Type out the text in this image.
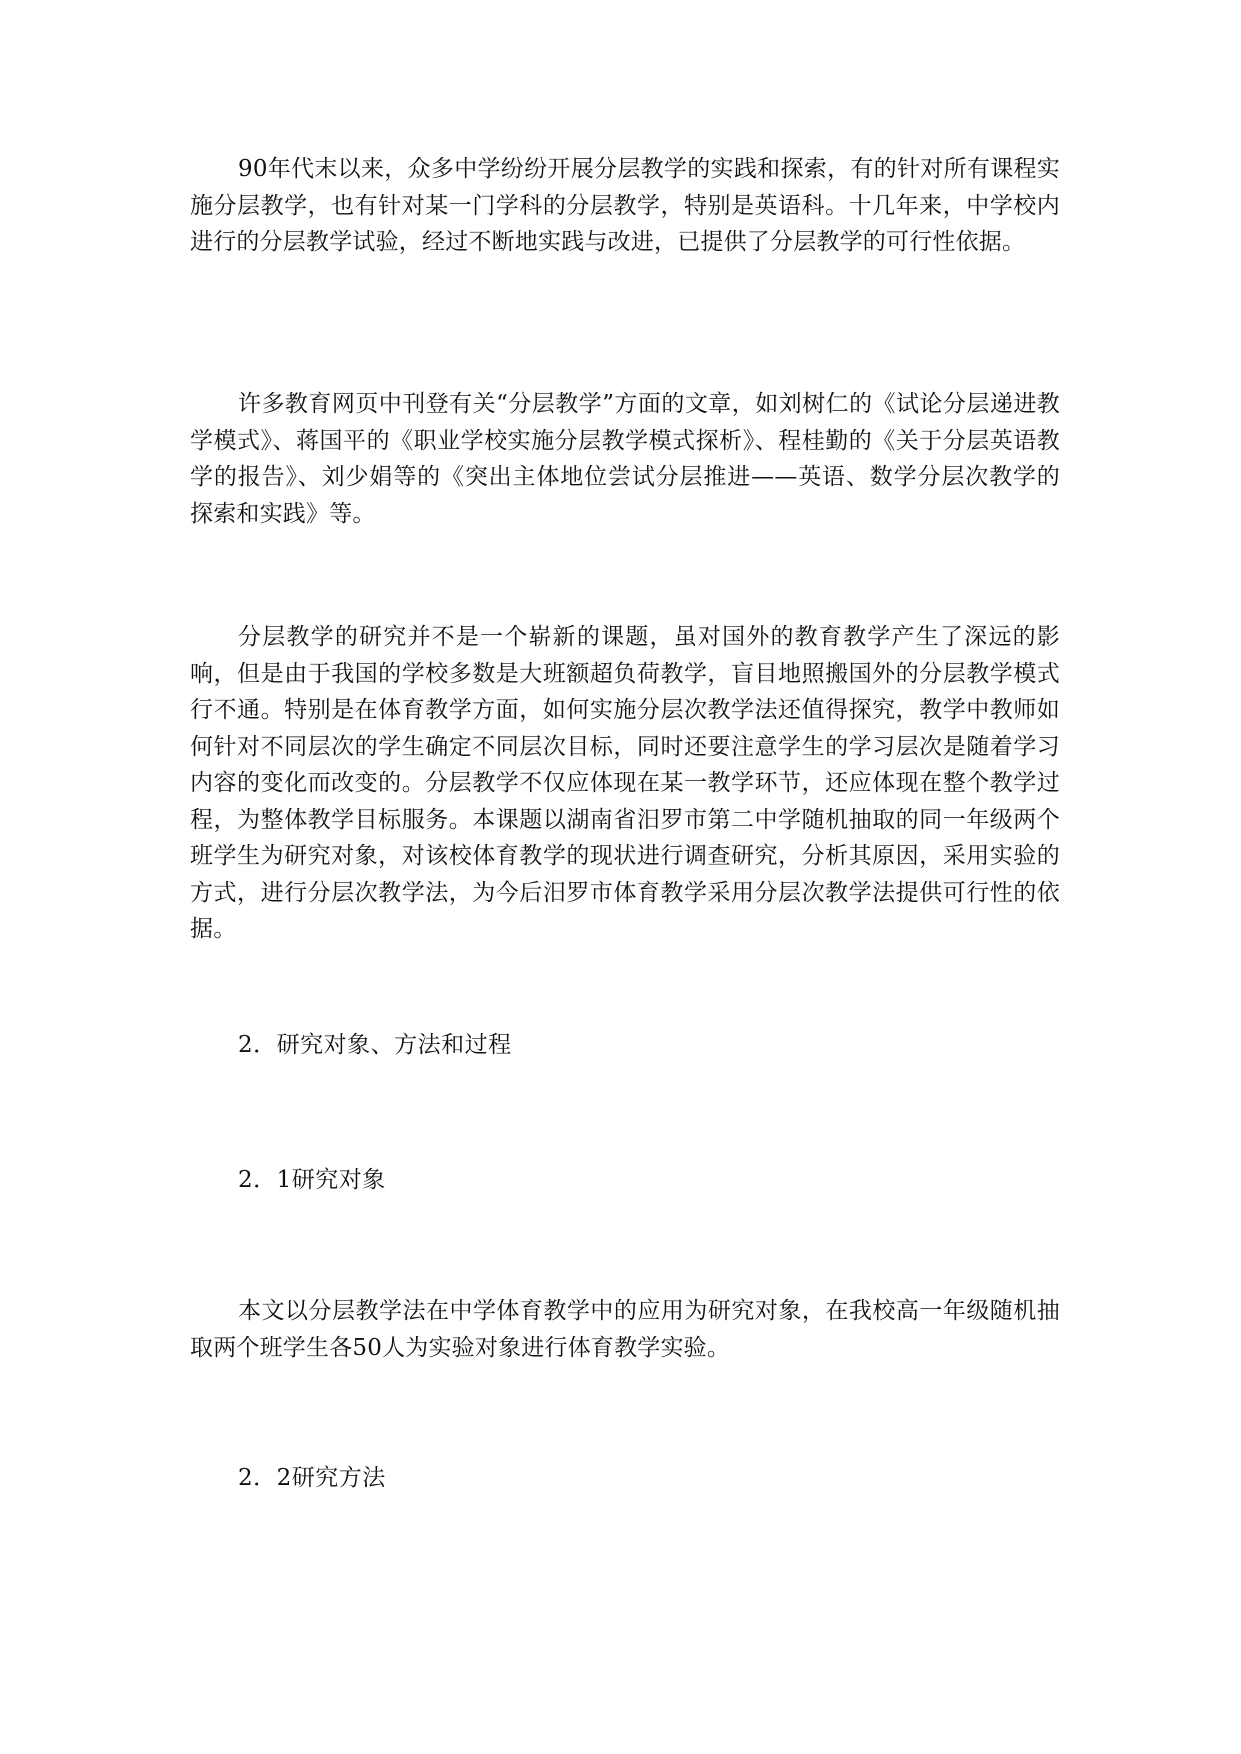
90年代末以来，众多中学纷纷开展分层教学的实践和探索，有的针对所有课程实施分层教学，也有针对某一门学科的分层教学，特别是英语科。十几年来，中学校内进行的分层教学试验，经过不断地实践与改进，已提供了分层教学的可行性依据。

许多教育网页中刊登有关“分层教学”方面的文章，如刘树仁的《试论分层递进教学模式》、蒋国平的《职业学校实施分层教学模式探析》、程桂勤的《关于分层英语教学的报告》、刘少娟等的《突出主体地位尝试分层推进——英语、数学分层次教学的探索和实践》等。

分层教学的研究并不是一个崭新的课题，虽对国外的教育教学产生了深远的影响，但是由于我国的学校多数是大班额超负荷教学，盲目地照搬国外的分层教学模式行不通。特别是在体育教学方面，如何实施分层次教学法还值得探究，教学中教师如何针对不同层次的学生确定不同层次目标，同时还要注意学生的学习层次是随着学习内容的变化而改变的。分层教学不仅应体现在某一教学环节，还应体现在整个教学过程，为整体教学目标服务。本课题以湖南省汨罗市第二中学随机抽取的同一年级两个班学生为研究对象，对该校体育教学的现状进行调查研究，分析其原因，采用实验的方式，进行分层次教学法，为今后汨罗市体育教学采用分层次教学法提供可行性的依据。

2．研究对象、方法和过程
2．1研究对象

本文以分层教学法在中学体育教学中的应用为研究对象，在我校高一年级随机抽取两个班学生各50人为实验对象进行体育教学实验。

2．2研究方法
